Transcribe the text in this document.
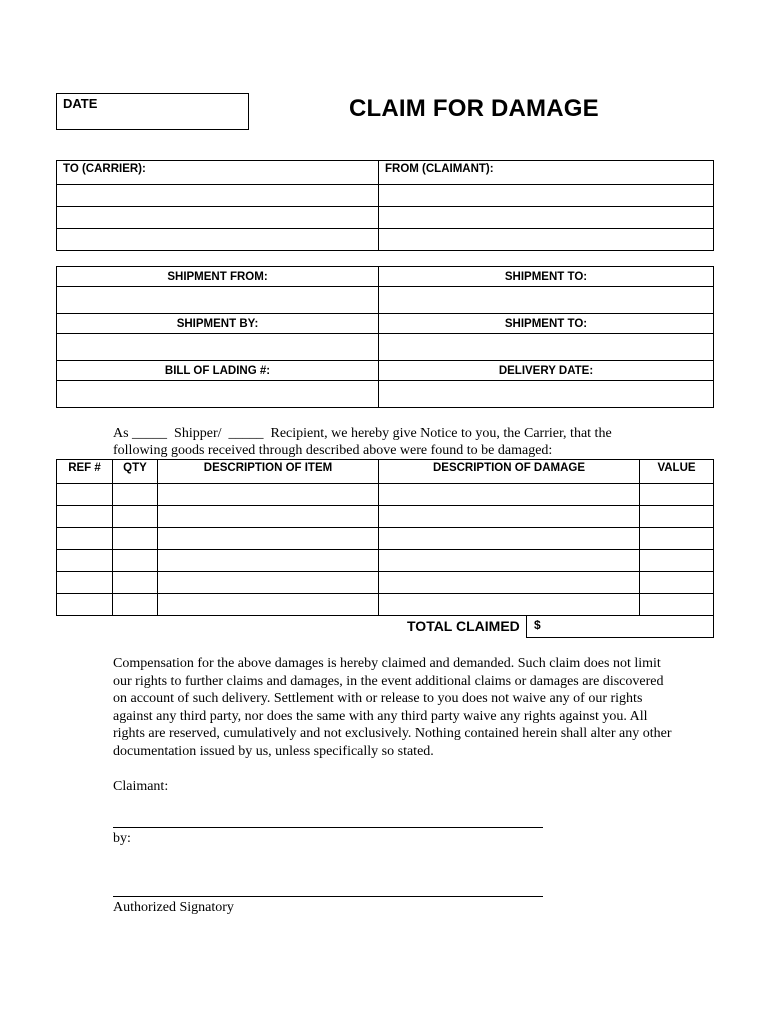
DATE	CLAIM FOR DAMAGE
TO (CARRIER):	FROM (CLAIMANT):

SHIPMENT FROM:	SHIPMENT TO:

SHIPMENT BY:	SHIPMENT TO:

BILL OF LADING #:	DELIVERY DATE:

As _____  Shipper/  _____  Recipient, we hereby give Notice to you, the Carrier, that the
following goods received through described above were found to be damaged:
REF #	QTY	DESCRIPTION OF ITEM	DESCRIPTION OF DAMAGE	VALUE

TOTAL CLAIMED $
Compensation for the above damages is hereby claimed and demanded. Such claim does not limit our rights to further claims and damages, in the event additional claims or damages are discovered on account of such delivery. Settlement with or release to you does not waive any of our rights against any third party, nor does the same with any third party waive any rights against you. All rights are reserved, cumulatively and not exclusively. Nothing contained herein shall alter any other documentation issued by us, unless specifically so stated.
Claimant:
by:
Authorized Signatory
